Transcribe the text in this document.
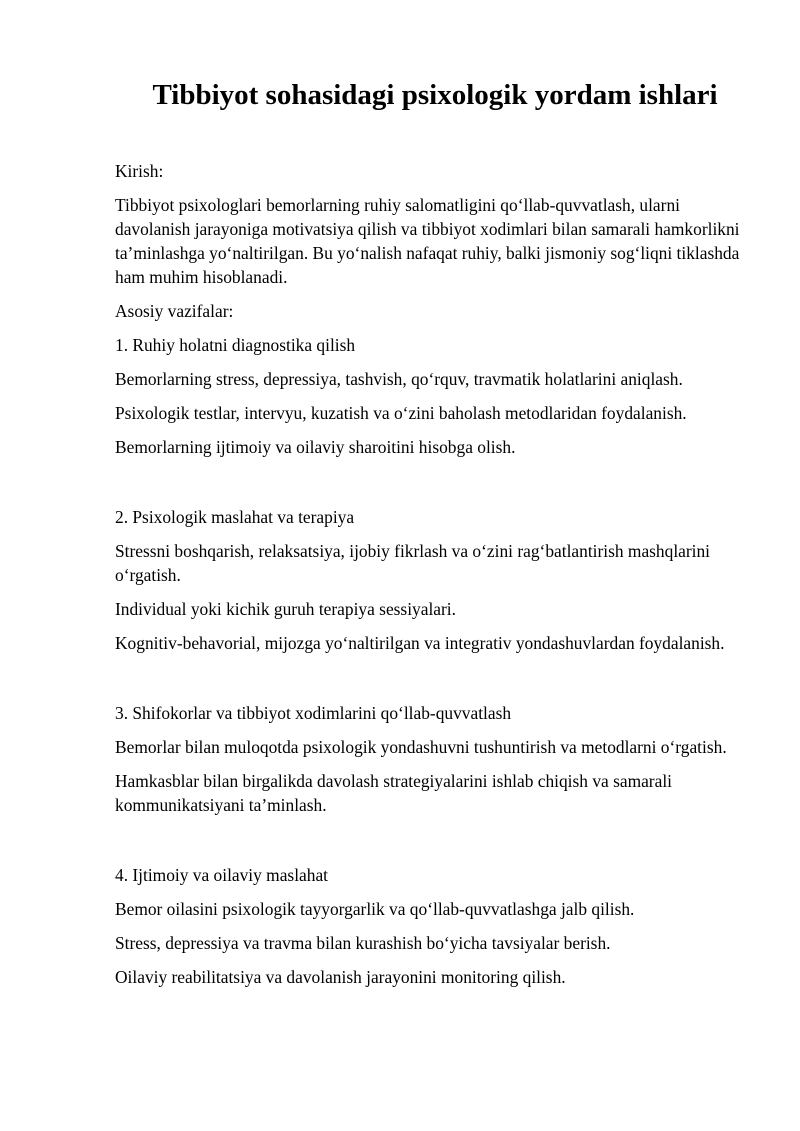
Tibbiyot sohasidagi psixologik yordam ishlari

Kirish:

Tibbiyot psixologlari bemorlarning ruhiy salomatligini qo‘llab-quvvatlash, ularni davolanish jarayoniga motivatsiya qilish va tibbiyot xodimlari bilan samarali hamkorlikni ta’minlashga yo‘naltirilgan. Bu yo‘nalish nafaqat ruhiy, balki jismoniy sog‘liqni tiklashda ham muhim hisoblanadi.

Asosiy vazifalar:

1. Ruhiy holatni diagnostika qilish

Bemorlarning stress, depressiya, tashvish, qo‘rquv, travmatik holatlarini aniqlash.

Psixologik testlar, intervyu, kuzatish va o‘zini baholash metodlaridan foydalanish.

Bemorlarning ijtimoiy va oilaviy sharoitini hisobga olish.

2. Psixologik maslahat va terapiya

Stressni boshqarish, relaksatsiya, ijobiy fikrlash va o‘zini rag‘batlantirish mashqlarini o‘rgatish.

Individual yoki kichik guruh terapiya sessiyalari.

Kognitiv-behavorial, mijozga yo‘naltirilgan va integrativ yondashuvlardan foydalanish.

3. Shifokorlar va tibbiyot xodimlarini qo‘llab-quvvatlash

Bemorlar bilan muloqotda psixologik yondashuvni tushuntirish va metodlarni o‘rgatish.

Hamkasblar bilan birgalikda davolash strategiyalarini ishlab chiqish va samarali kommunikatsiyani ta’minlash.

4. Ijtimoiy va oilaviy maslahat

Bemor oilasini psixologik tayyorgarlik va qo‘llab-quvvatlashga jalb qilish.

Stress, depressiya va travma bilan kurashish bo‘yicha tavsiyalar berish.

Oilaviy reabilitatsiya va davolanish jarayonini monitoring qilish.
